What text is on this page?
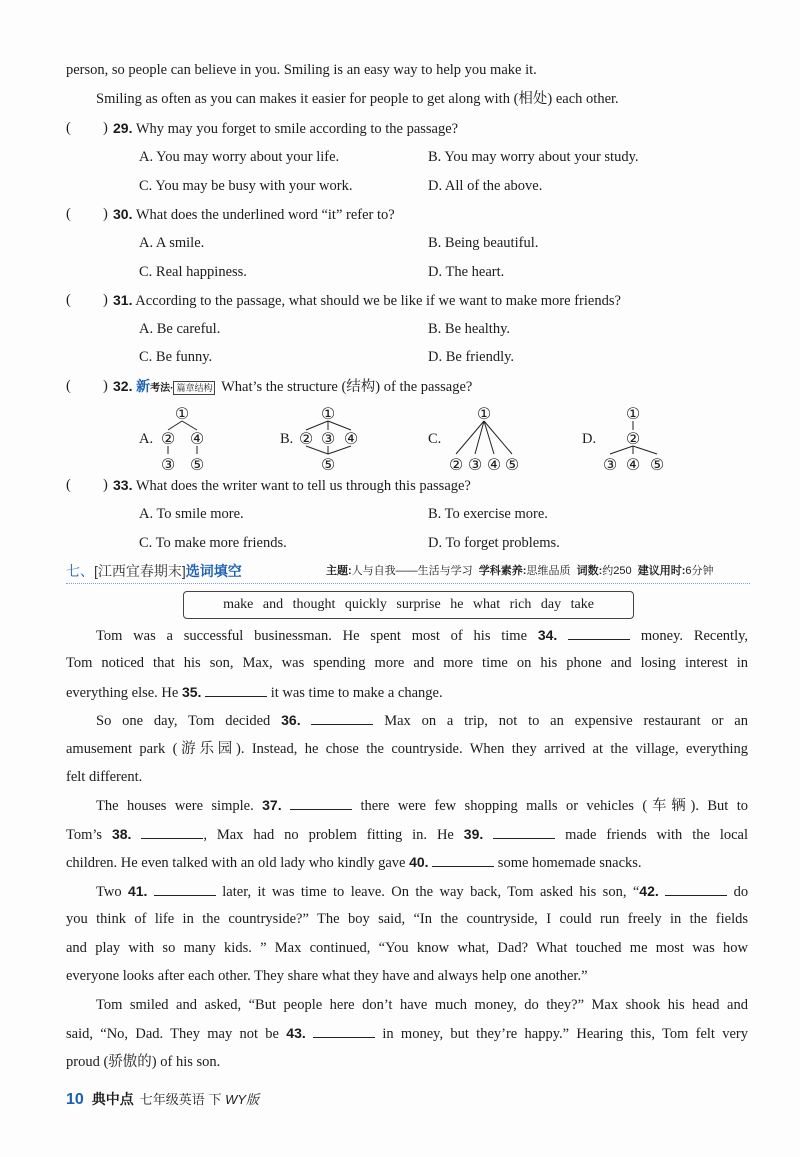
person, so people can believe in you. Smiling is an easy way to help you make it.
Smiling as often as you can makes it easier for people to get along with (相处) each other.
( ) 29. Why may you forget to smile according to the passage?
A. You may worry about your life.	B. You may worry about your study.
C. You may be busy with your work.	D. All of the above.
( ) 30. What does the underlined word “it” refer to?
A. A smile.	B. Being beautiful.
C. Real happiness.	D. The heart.
( ) 31. According to the passage, what should we be like if we want to make more friends?
A. Be careful.	B. Be healthy.
C. Be funny.	D. Be friendly.
( ) 32. 新考法· 篇章结构 What’s the structure (结构) of the passage?
A.	B.	C.	D.
①
② ④
③ ⑤
①
② ③ ④
⑤
①
② ③ ④ ⑤
①
②
③ ④ ⑤
( ) 33. What does the writer want to tell us through this passage?
A. To smile more.	B. To exercise more.
C. To make more friends.	D. To forget problems.
七、[江西宜春期末]选词填空	主题:人与自我——生活与学习 学科素养:思维品质 词数:约250 建议用时:6分钟
make and thought quickly surprise he what rich day take
Tom was a successful businessman. He spent most of his time 34.	money. Recently,
Tom noticed that his son, Max, was spending more and more time on his phone and losing interest in
everything else. He 35.	it was time to make a change.
So one day, Tom decided 36.	Max on a trip, not to an expensive restaurant or an
amusement park (游乐园). Instead, he chose the countryside. When they arrived at the village, everything
felt different.
The houses were simple. 37.	there were few shopping malls or vehicles (车辆). But to
Tom’s 38.	, Max had no problem fitting in. He 39.	made friends with the local
children. He even talked with an old lady who kindly gave 40.	some homemade snacks.
Two 41.	later, it was time to leave. On the way back, Tom asked his son, “42.	do
you think of life in the countryside?” The boy said, “In the countryside, I could run freely in the fields
and play with so many kids. ” Max continued, “You know what, Dad? What touched me most was how
everyone looks after each other. They share what they have and always help one another.”
Tom smiled and asked, “But people here don’t have much money, do they?” Max shook his head and
said, “No, Dad. They may not be 43.	in money, but they’re happy.” Hearing this, Tom felt very
proud (骄傲的) of his son.
10 典中点 七年级英语 下 WY版
